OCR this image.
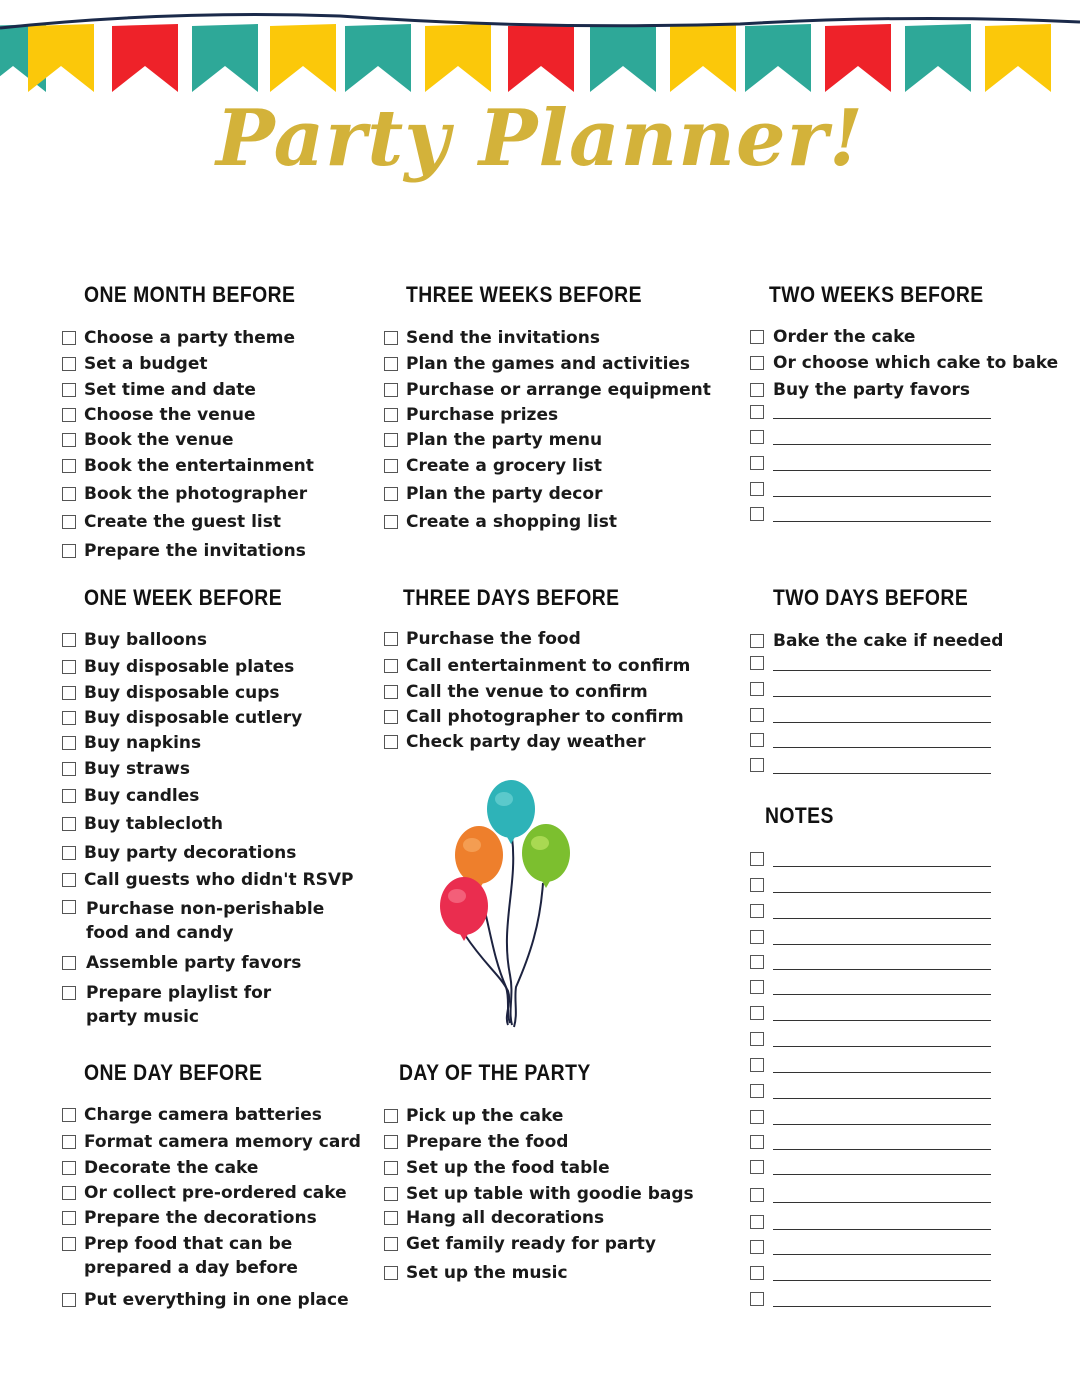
Party Planner!
ONE MONTH BEFORE
Choose a party theme
Set a budget
Set time and date
Choose the venue
Book the venue
Book the entertainment
Book the photographer
Create the guest list
Prepare the invitations
THREE WEEKS BEFORE
Send the invitations
Plan the games and activities
Purchase or arrange equipment
Purchase prizes
Plan the party menu
Create a grocery list
Plan the party decor
Create a shopping list
TWO WEEKS BEFORE
Order the cake
Or choose which cake to bake
Buy the party favors
ONE WEEK BEFORE
Buy balloons
Buy disposable plates
Buy disposable cups
Buy disposable cutlery
Buy napkins
Buy straws
Buy candles
Buy tablecloth
Buy party decorations
Call guests who didn't RSVP
Purchase non-perishable food and candy
Assemble party favors
Prepare playlist for party music
THREE DAYS BEFORE
Purchase the food
Call entertainment to confirm
Call the venue to confirm
Call photographer to confirm
Check party day weather
TWO DAYS BEFORE
Bake the cake if needed
NOTES
ONE DAY BEFORE
Charge camera batteries
Format camera memory card
Decorate the cake
Or collect pre-ordered cake
Prepare the decorations
Prep food that can be prepared a day before
Put everything in one place
DAY OF THE PARTY
Pick up the cake
Prepare the food
Set up the food table
Set up table with goodie bags
Hang all decorations
Get family ready for party
Set up the music
